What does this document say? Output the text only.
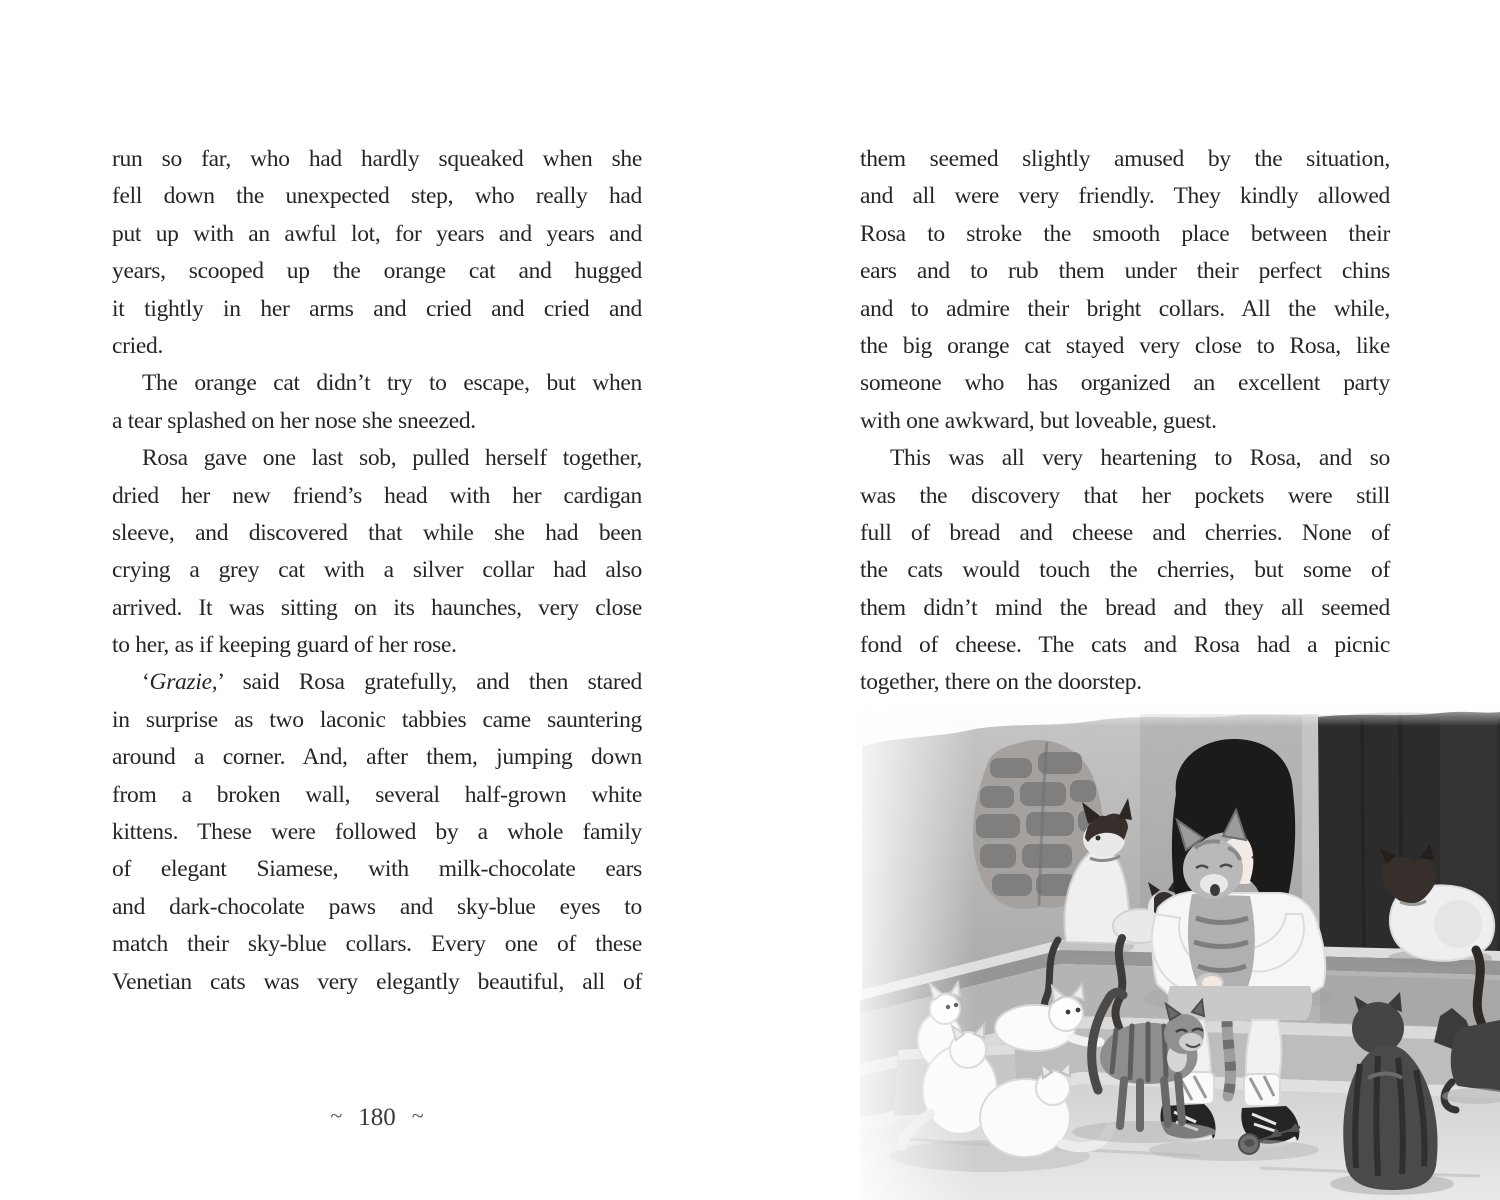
run so far, who had hardly squeaked when she
fell down the unexpected step, who really had
put up with an awful lot, for years and years and
years, scooped up the orange cat and hugged
it tightly in her arms and cried and cried and
cried.
The orange cat didn’t try to escape, but when
a tear splashed on her nose she sneezed.
Rosa gave one last sob, pulled herself together,
dried her new friend’s head with her cardigan
sleeve, and discovered that while she had been
crying a grey cat with a silver collar had also
arrived. It was sitting on its haunches, very close
to her, as if keeping guard of her rose.
‘Grazie,’ said Rosa gratefully, and then stared
in surprise as two laconic tabbies came sauntering
around a corner. And, after them, jumping down
from a broken wall, several half-grown white
kittens. These were followed by a whole family
of elegant Siamese, with milk-chocolate ears
and dark-chocolate paws and sky-blue eyes to
match their sky-blue collars. Every one of these
Venetian cats was very elegantly beautiful, all of
~ 180 ~
them seemed slightly amused by the situation,
and all were very friendly. They kindly allowed
Rosa to stroke the smooth place between their
ears and to rub them under their perfect chins
and to admire their bright collars. All the while,
the big orange cat stayed very close to Rosa, like
someone who has organized an excellent party
with one awkward, but loveable, guest.
This was all very heartening to Rosa, and so
was the discovery that her pockets were still
full of bread and cheese and cherries. None of
the cats would touch the cherries, but some of
them didn’t mind the bread and they all seemed
fond of cheese. The cats and Rosa had a picnic
together, there on the doorstep.
